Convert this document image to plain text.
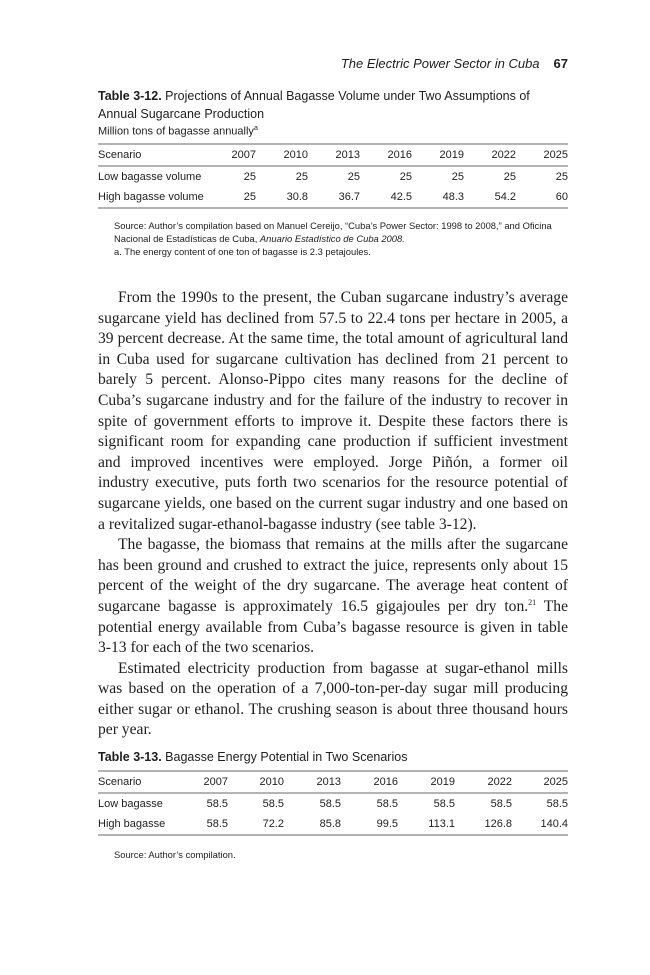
The Electric Power Sector in Cuba 67
Table 3-12. Projections of Annual Bagasse Volume under Two Assumptions of Annual Sugarcane Production
Million tons of bagasse annually$^a$
Scenario	2007	2010	2013	2016	2019	2022	2025
Low bagasse volume	25	25	25	25	25	25	25
High bagasse volume	25	30.8	36.7	42.5	48.3	54.2	60
Source: Author’s compilation based on Manuel Cereijo, “Cuba’s Power Sector: 1998 to 2008,” and Oficina Nacional de Estadísticas de Cuba, Anuario Estadístico de Cuba 2008.
a. The energy content of one ton of bagasse is 2.3 petajoules.

From the 1990s to the present, the Cuban sugarcane industry’s average sugarcane yield has declined from 57.5 to 22.4 tons per hectare in 2005, a 39 percent decrease. At the same time, the total amount of agricultural land in Cuba used for sugarcane cultivation has declined from 21 percent to barely 5 percent. Alonso-Pippo cites many reasons for the decline of Cuba’s sugarcane industry and for the failure of the industry to recover in spite of government efforts to improve it. Despite these factors there is significant room for expanding cane production if sufficient investment and improved incentives were employed. Jorge Piñón, a former oil industry executive, puts forth two scenarios for the resource potential of sugarcane yields, one based on the current sugar industry and one based on a revitalized sugar-ethanol-bagasse industry (see table 3-12).

The bagasse, the biomass that remains at the mills after the sugarcane has been ground and crushed to extract the juice, represents only about 15 percent of the weight of the dry sugarcane. The average heat content of sugarcane bagasse is approximately 16.5 gigajoules per dry ton.$^{21}$ The potential energy available from Cuba’s bagasse resource is given in table 3-13 for each of the two scenarios.

Estimated electricity production from bagasse at sugar-ethanol mills was based on the operation of a 7,000-ton-per-day sugar mill producing either sugar or ethanol. The crushing season is about three thousand hours per year.

Table 3-13. Bagasse Energy Potential in Two Scenarios
Scenario	2007	2010	2013	2016	2019	2022	2025
Low bagasse	58.5	58.5	58.5	58.5	58.5	58.5	58.5
High bagasse	58.5	72.2	85.8	99.5	113.1	126.8	140.4
Source: Author’s compilation.
